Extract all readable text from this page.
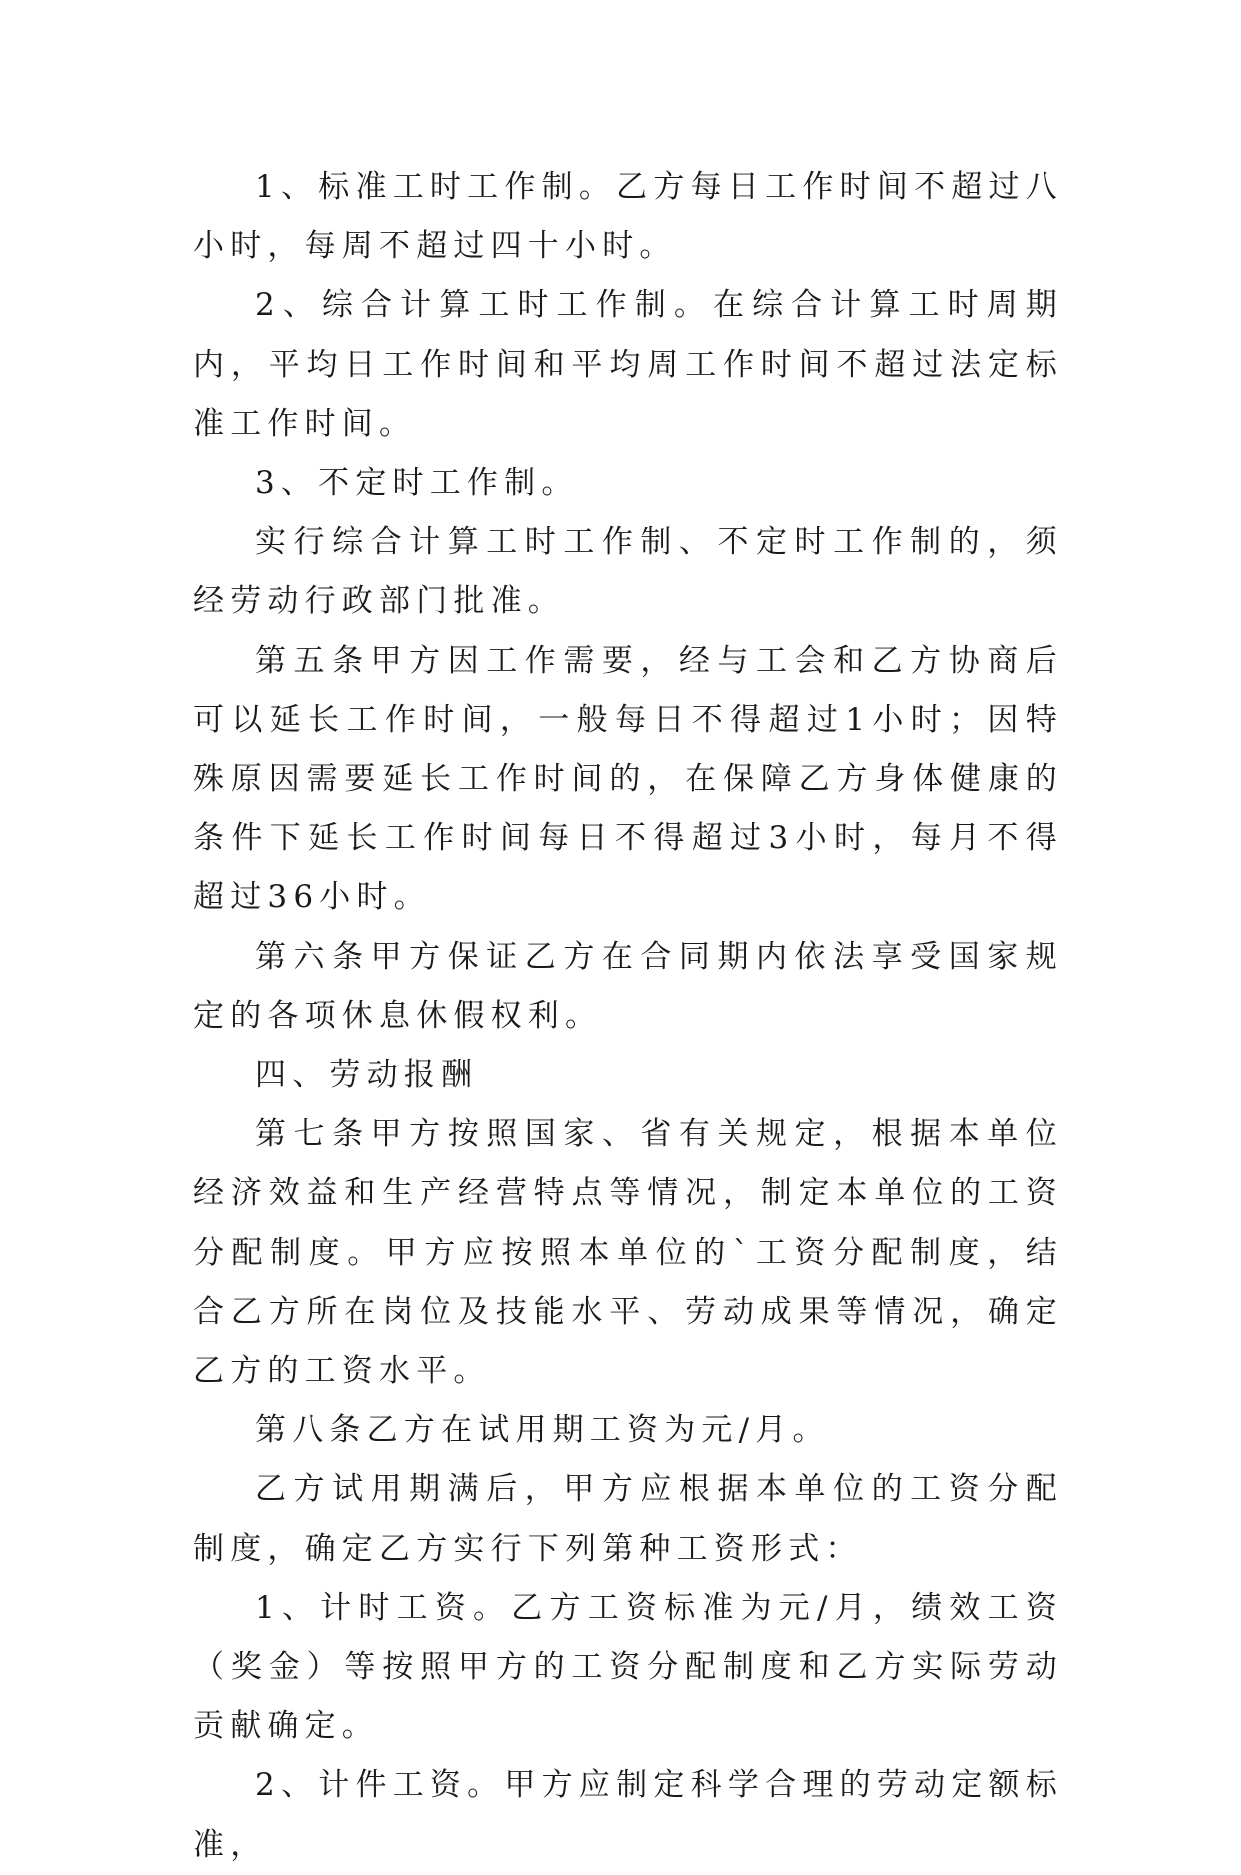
1、标准工时工作制。乙方每日工作时间不超过八小时，每周不超过四十小时。

2、综合计算工时工作制。在综合计算工时周期内，平均日工作时间和平均周工作时间不超过法定标准工作时间。

3、不定时工作制。

实行综合计算工时工作制、不定时工作制的，须经劳动行政部门批准。

第五条甲方因工作需要，经与工会和乙方协商后可以延长工作时间，一般每日不得超过1小时；因特殊原因需要延长工作时间的，在保障乙方身体健康的条件下延长工作时间每日不得超过3小时，每月不得超过36小时。

第六条甲方保证乙方在合同期内依法享受国家规定的各项休息休假权利。

四、劳动报酬

第七条甲方按照国家、省有关规定，根据本单位经济效益和生产经营特点等情况，制定本单位的工资分配制度。甲方应按照本单位的`工资分配制度，结合乙方所在岗位及技能水平、劳动成果等情况，确定乙方的工资水平。

第八条乙方在试用期工资为元/月。

乙方试用期满后，甲方应根据本单位的工资分配制度，确定乙方实行下列第种工资形式：

1、计时工资。乙方工资标准为元/月，绩效工资（奖金）等按照甲方的工资分配制度和乙方实际劳动贡献确定。

2、计件工资。甲方应制定科学合理的劳动定额标准，
